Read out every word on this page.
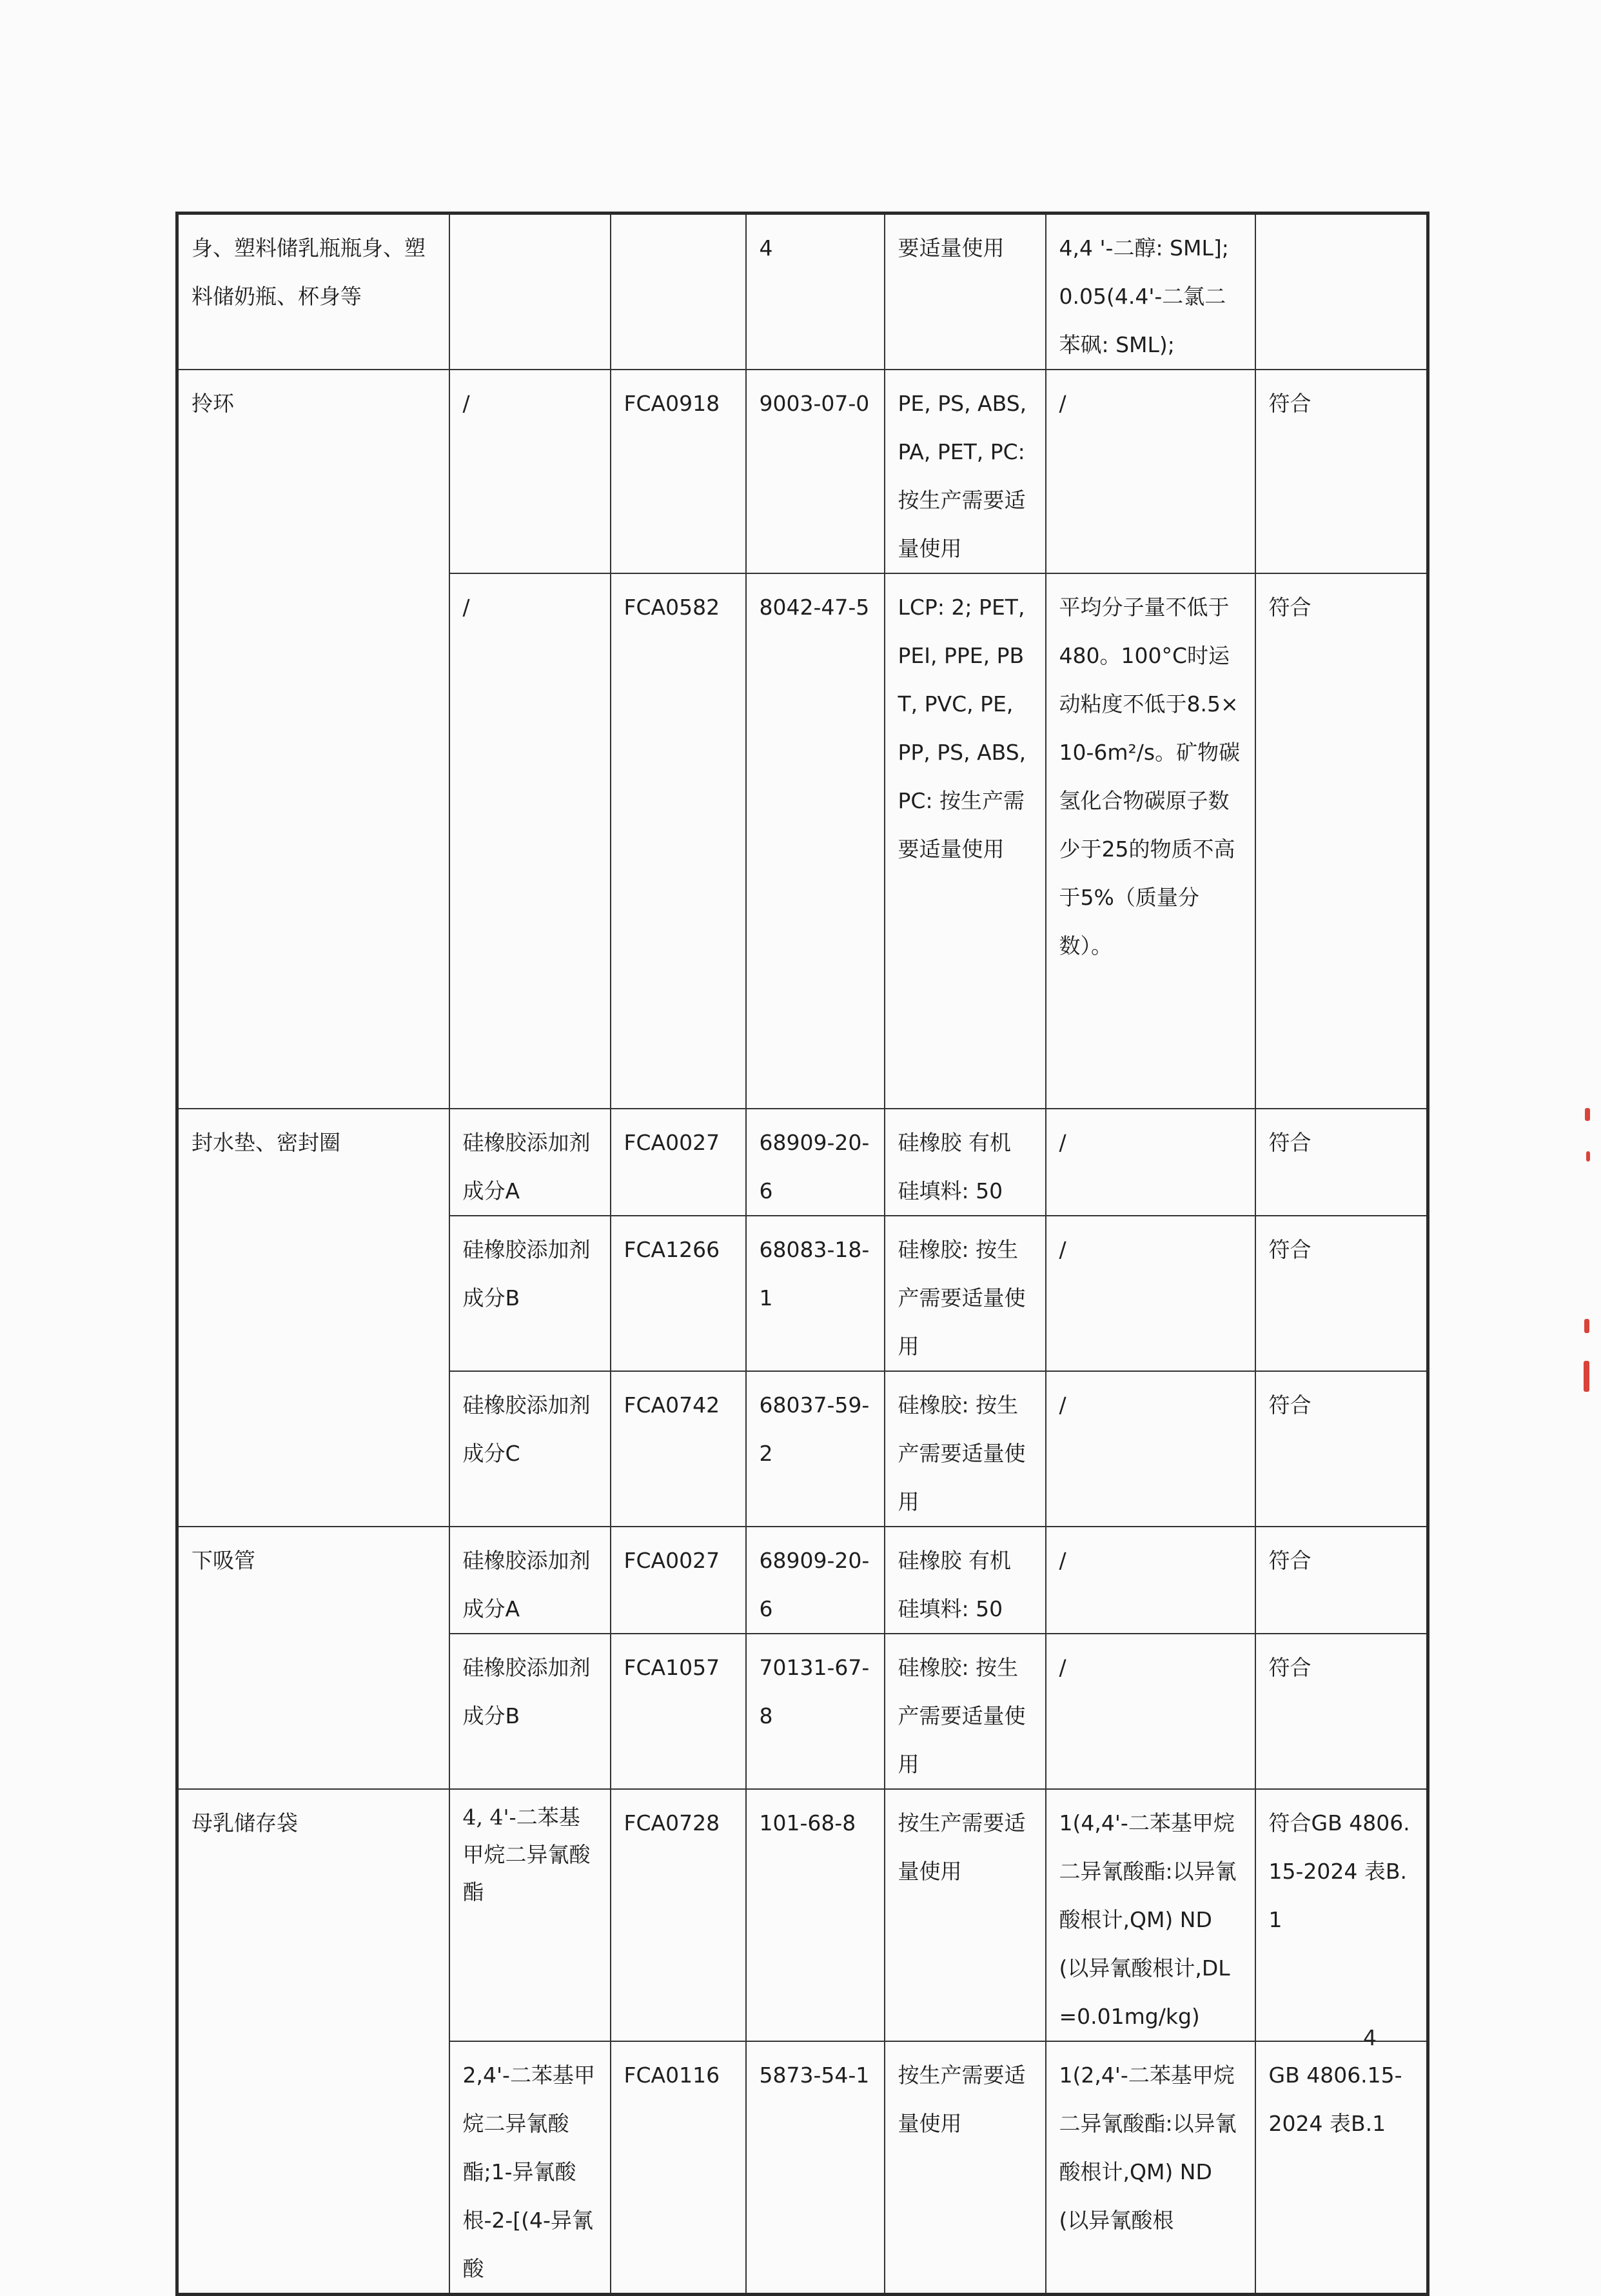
身、塑料储乳瓶瓶身、塑料储奶瓶、杯身等			4	要适量使用	4,4 '-二醇: SML];
0.05(4.4'-二氯二苯砜: SML);	
拎环	/	FCA0918	9003-07-0	PE, PS, ABS, PA, PET, PC: 按生产需要适量使用	/	符合
	/	FCA0582	8042-47-5	LCP: 2; PET, PEI, PPE, PBT, PVC, PE, PP, PS, ABS, PC: 按生产需要适量使用	平均分子量不低于480。100°C时运动粘度不低于8.5×10-6m²/s。矿物碳氢化合物碳原子数少于25的物质不高于5%（质量分数）。	符合
封水垫、密封圈	硅橡胶添加剂成分A	FCA0027	68909-20-6	硅橡胶 有机硅填料: 50	/	符合
	硅橡胶添加剂成分B	FCA1266	68083-18-1	硅橡胶: 按生产需要适量使用	/	符合
	硅橡胶添加剂成分C	FCA0742	68037-59-2	硅橡胶: 按生产需要适量使用	/	符合
下吸管	硅橡胶添加剂成分A	FCA0027	68909-20-6	硅橡胶 有机硅填料: 50	/	符合
	硅橡胶添加剂成分B	FCA1057	70131-67-8	硅橡胶: 按生产需要适量使用	/	符合
母乳储存袋	4, 4'-二苯基甲烷二异氰酸酯	FCA0728	101-68-8	按生产需要适量使用	1(4,4'-二苯基甲烷二异氰酸酯:以异氰酸根计,QM) ND(以异氰酸根计,DL=0.01mg/kg)	符合GB 4806.15-2024 表B.1
	2,4'-二苯基甲烷二异氰酸酯;1-异氰酸根-2-[(4-异氰酸	FCA0116	5873-54-1	按生产需要适量使用	1(2,4'-二苯基甲烷二异氰酸酯:以异氰酸根计,QM) ND(以异氰酸根	GB 4806.15-2024 表B.1
4
